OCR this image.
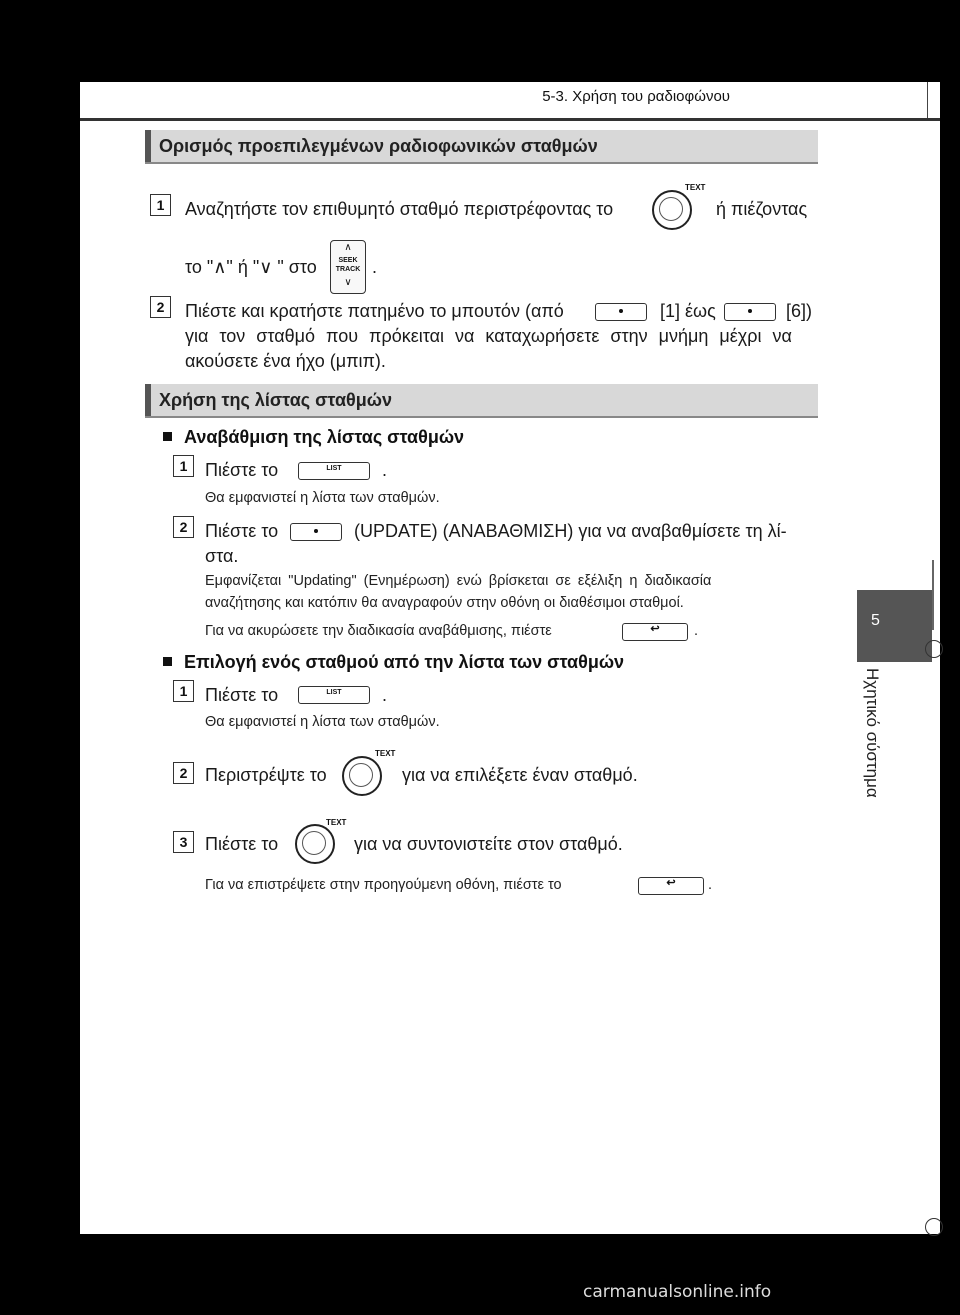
5-3. Χρήση του ραδιοφώνου
5
Ηχητικό σύστημα
Ορισμός προεπιλεγμένων ραδιοφωνικών σταθμών
1	Αναζητήστε τον επιθυμητό σταθμό περιστρέφοντας το
TEXT
ή πιέζοντας
το "∧" ή "∨ " στο
∧
SEEK
TRACK
∨
.
2	Πιέστε και κρατήστε πατημένο το μπουτόν (από	[1] έως	[6])
για τον σταθμό που πρόκειται να καταχωρήσετε στην μνήμη μέχρι να
ακούσετε ένα ήχο (μπιπ).
Χρήση της λίστας σταθμών
Αναβάθμιση της λίστας σταθμών
1 Πιέστε το	LIST	.
Θα εμφανιστεί η λίστα των σταθμών.
2 Πιέστε το	(UPDATE) (ΑΝΑΒΑΘΜΙΣΗ) για να αναβαθμίσετε τη λί-
στα.
Εμφανίζεται "Updating" (Ενημέρωση) ενώ βρίσκεται σε εξέλιξη η διαδικασία
αναζήτησης και κατόπιν θα αναγραφούν στην οθόνη οι διαθέσιμοι σταθμοί.
Για να ακυρώσετε την διαδικασία αναβάθμισης, πιέστε	↩	.
Επιλογή ενός σταθμού από την λίστα των σταθμών
1 Πιέστε το	LIST	.
Θα εμφανιστεί η λίστα των σταθμών.
2 Περιστρέψτε το
TEXT
για να επιλέξετε έναν σταθμό.
3 Πιέστε το
TEXT
για να συντονιστείτε στον σταθμό.
Για να επιστρέψετε στην προηγούμενη οθόνη, πιέστε το	↩	.
carmanualsonline.info
